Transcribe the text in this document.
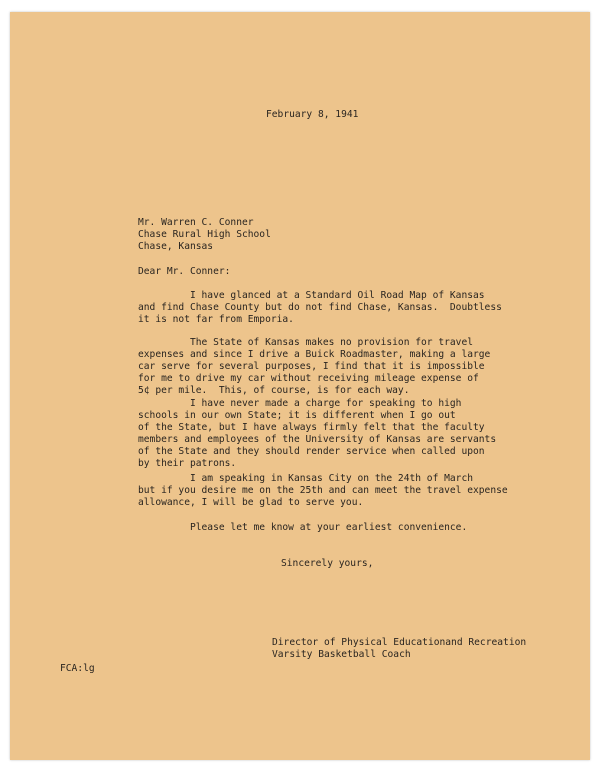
February 8, 1941

Mr. Warren C. Conner
Chase Rural High School
Chase, Kansas

Dear Mr. Conner:

I have glanced at a Standard Oil Road Map of Kansas
and find Chase County but do not find Chase, Kansas.  Doubtless
it is not far from Emporia.
The State of Kansas makes no provision for travel
expenses and since I drive a Buick Roadmaster, making a large
car serve for several purposes, I find that it is impossible
for me to drive my car without receiving mileage expense of
5¢ per mile.  This, of course, is for each way.
I have never made a charge for speaking to high
schools in our own State; it is different when I go out
of the State, but I have always firmly felt that the faculty
members and employees of the University of Kansas are servants
of the State and they should render service when called upon
by their patrons.
I am speaking in Kansas City on the 24th of March
but if you desire me on the 25th and can meet the travel expense
allowance, I will be glad to serve you.
Please let me know at your earliest convenience.

Sincerely yours,

Director of Physical Educationand Recreation
Varsity Basketball Coach

FCA:lg
